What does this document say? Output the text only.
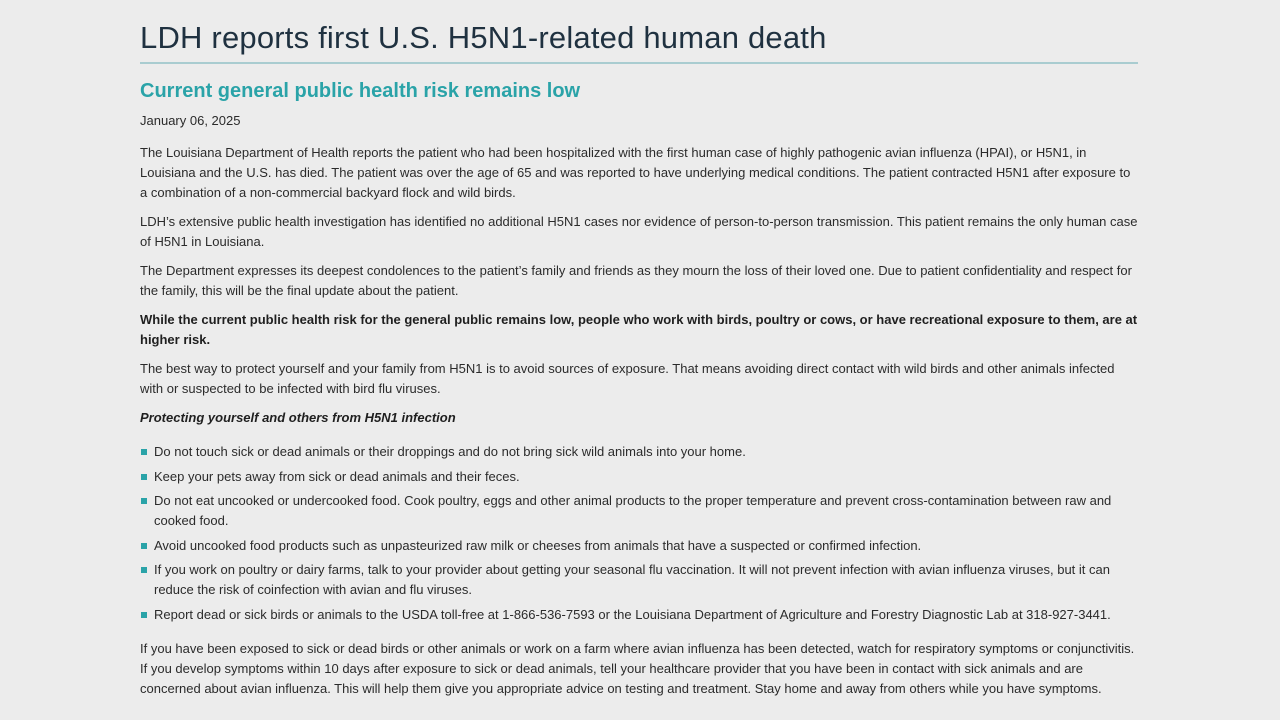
LDH reports first U.S. H5N1-related human death
Current general public health risk remains low

January 06, 2025

The Louisiana Department of Health reports the patient who had been hospitalized with the first human case of highly pathogenic avian influenza (HPAI), or H5N1, in Louisiana and the U.S. has died. The patient was over the age of 65 and was reported to have underlying medical conditions. The patient contracted H5N1 after exposure to a combination of a non-commercial backyard flock and wild birds.

LDH’s extensive public health investigation has identified no additional H5N1 cases nor evidence of person-to-person transmission. This patient remains the only human case of H5N1 in Louisiana.

The Department expresses its deepest condolences to the patient’s family and friends as they mourn the loss of their loved one. Due to patient confidentiality and respect for the family, this will be the final update about the patient.

While the current public health risk for the general public remains low, people who work with birds, poultry or cows, or have recreational exposure to them, are at higher risk.

The best way to protect yourself and your family from H5N1 is to avoid sources of exposure. That means avoiding direct contact with wild birds and other animals infected with or suspected to be infected with bird flu viruses.

Protecting yourself and others from H5N1 infection

Do not touch sick or dead animals or their droppings and do not bring sick wild animals into your home.
Keep your pets away from sick or dead animals and their feces.
Do not eat uncooked or undercooked food. Cook poultry, eggs and other animal products to the proper temperature and prevent cross-contamination between raw and cooked food.
Avoid uncooked food products such as unpasteurized raw milk or cheeses from animals that have a suspected or confirmed infection.
If you work on poultry or dairy farms, talk to your provider about getting your seasonal flu vaccination. It will not prevent infection with avian influenza viruses, but it can reduce the risk of coinfection with avian and flu viruses.
Report dead or sick birds or animals to the USDA toll-free at 1-866-536-7593 or the Louisiana Department of Agriculture and Forestry Diagnostic Lab at 318-927-3441.

If you have been exposed to sick or dead birds or other animals or work on a farm where avian influenza has been detected, watch for respiratory symptoms or conjunctivitis. If you develop symptoms within 10 days after exposure to sick or dead animals, tell your healthcare provider that you have been in contact with sick animals and are concerned about avian influenza. This will help them give you appropriate advice on testing and treatment. Stay home and away from others while you have symptoms.
